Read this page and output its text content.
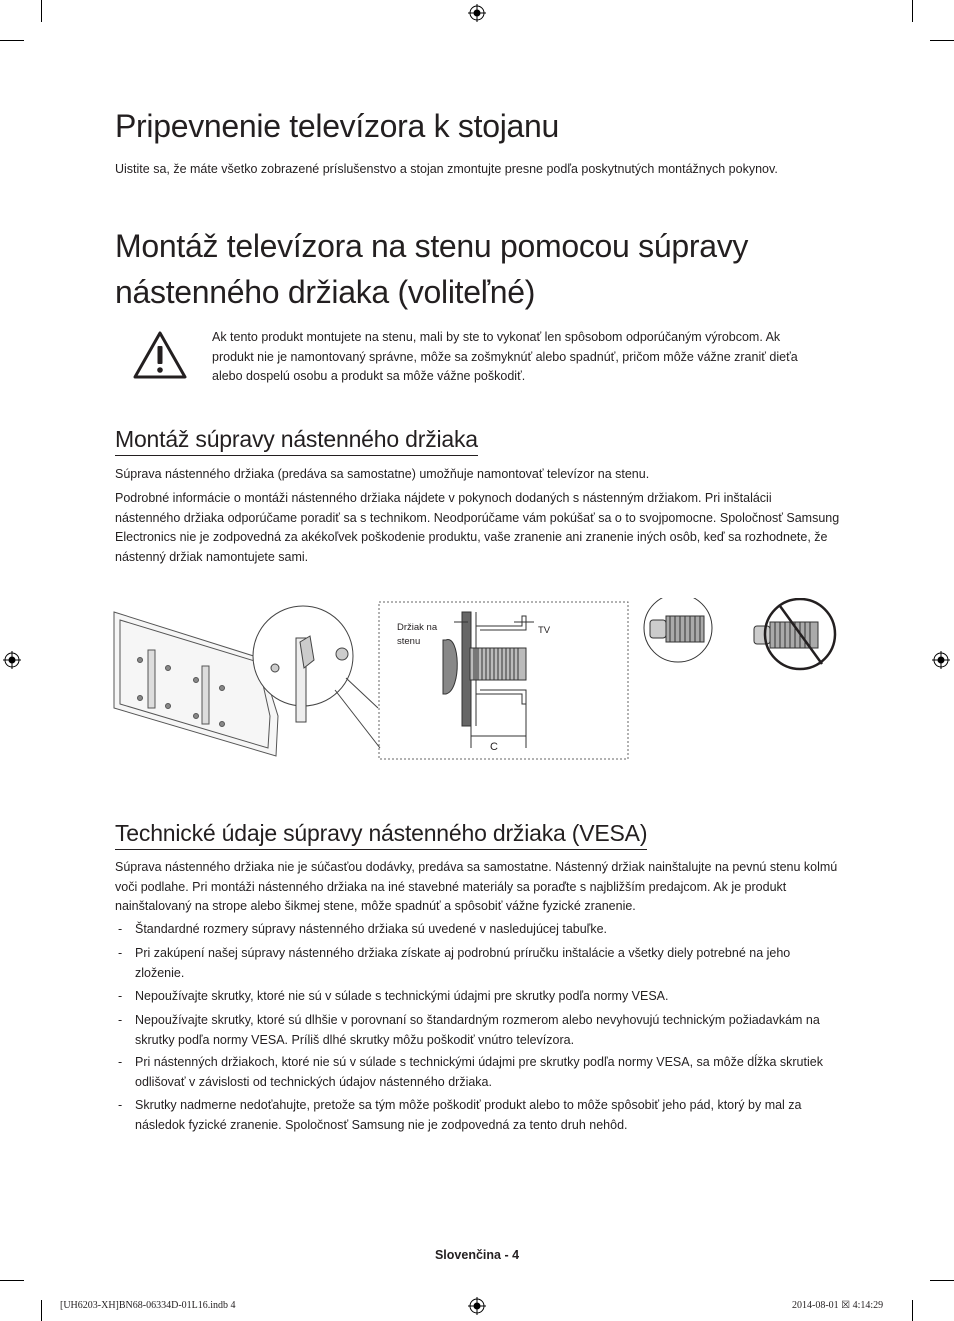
Pripevnenie televízora k stojanu

Uistite sa, že máte všetko zobrazené príslušenstvo a stojan zmontujte presne podľa poskytnutých montážnych pokynov.

Montáž televízora na stenu pomocou súpravy nástenného držiaka (voliteľné)

Ak tento produkt montujete na stenu, mali by ste to vykonať len spôsobom odporúčaným výrobcom. Ak produkt nie je namontovaný správne, môže sa zošmyknúť alebo spadnúť, pričom môže vážne zraniť dieťa alebo dospelú osobu a produkt sa môže vážne poškodiť.

Montáž súpravy nástenného držiaka

Súprava nástenného držiaka (predáva sa samostatne) umožňuje namontovať televízor na stenu.

Podrobné informácie o montáži nástenného držiaka nájdete v pokynoch dodaných s nástenným držiakom. Pri inštalácii nástenného držiaka odporúčame poradiť sa s technikom. Neodporúčame vám pokúšať sa o to svojpomocne. Spoločnosť Samsung Electronics nie je zodpovedná za akékoľvek poškodenie produktu, vaše zranenie ani zranenie iných osôb, keď sa rozhodnete, že nástenný držiak namontujete sami.

Držiak na
stenu
TV
C
Technické údaje súpravy nástenného držiaka (VESA)

Súprava nástenného držiaka nie je súčasťou dodávky, predáva sa samostatne. Nástenný držiak nainštalujte na pevnú stenu kolmú voči podlahe. Pri montáži nástenného držiaka na iné stavebné materiály sa poraďte s najbližším predajcom. Ak je produkt nainštalovaný na strope alebo šikmej stene, môže spadnúť a spôsobiť vážne fyzické zranenie.

- Štandardné rozmery súpravy nástenného držiaka sú uvedené v nasledujúcej tabuľke.
- Pri zakúpení našej súpravy nástenného držiaka získate aj podrobnú príručku inštalácie a všetky diely potrebné na jeho zloženie.
- Nepoužívajte skrutky, ktoré nie sú v súlade s technickými údajmi pre skrutky podľa normy VESA.
- Nepoužívajte skrutky, ktoré sú dlhšie v porovnaní so štandardným rozmerom alebo nevyhovujú technickým požiadavkám na skrutky podľa normy VESA. Príliš dlhé skrutky môžu poškodiť vnútro televízora.
- Pri nástenných držiakoch, ktoré nie sú v súlade s technickými údajmi pre skrutky podľa normy VESA, sa môže dĺžka skrutiek odlišovať v závislosti od technických údajov nástenného držiaka.
- Skrutky nadmerne nedoťahujte, pretože sa tým môže poškodiť produkt alebo to môže spôsobiť jeho pád, ktorý by mal za následok fyzické zranenie. Spoločnosť Samsung nie je zodpovedná za tento druh nehôd.
Slovenčina - 4
[UH6203-XH]BN68-06334D-01L16.indb 4	2014-08-01 ☒ 4:14:29
